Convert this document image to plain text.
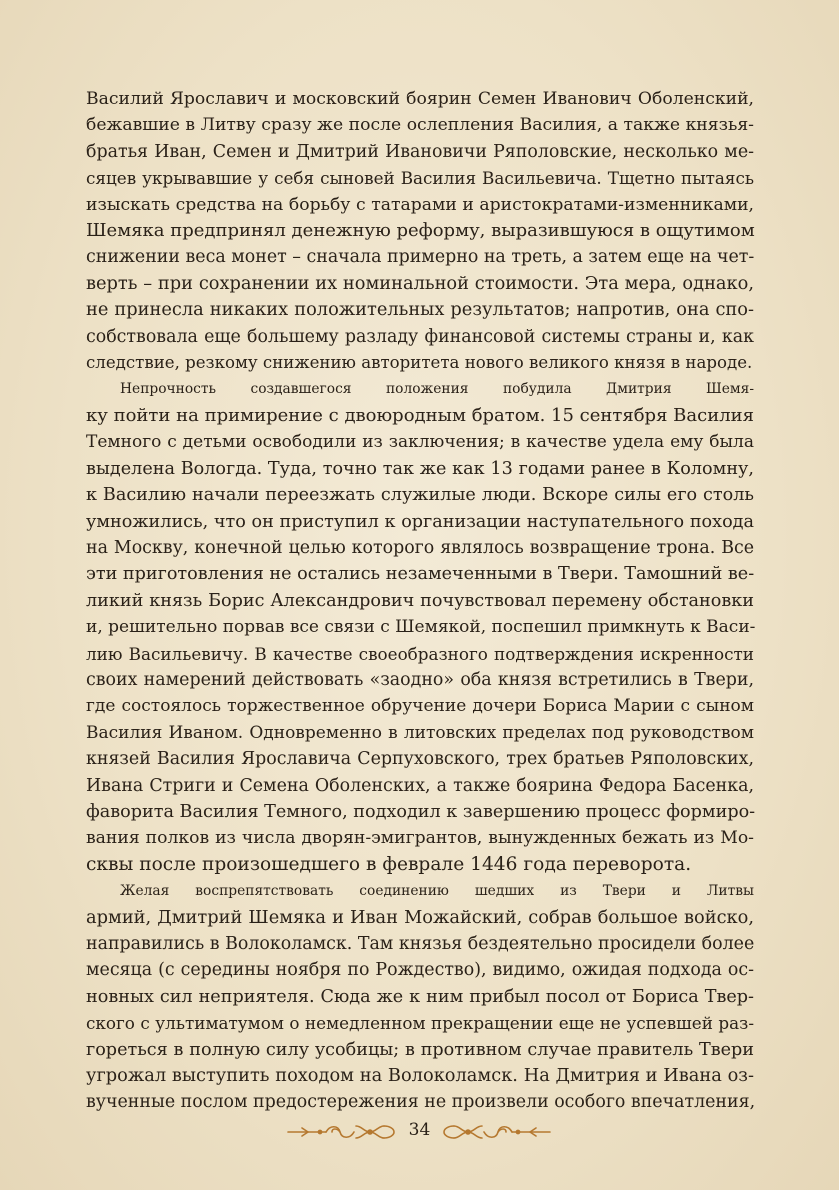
Василий Ярославич и московский боярин Семен Иванович Оболенский,
бежавшие в Литву сразу же после ослепления Василия, а также князья-
братья Иван, Семен и Дмитрий Ивановичи Ряполовские, несколько ме-
сяцев укрывавшие у себя сыновей Василия Васильевича. Тщетно пытаясь
изыскать средства на борьбу с татарами и аристократами-изменниками,
Шемяка предпринял денежную реформу, выразившуюся в ощутимом
снижении веса монет – сначала примерно на треть, а затем еще на чет-
верть – при сохранении их номинальной стоимости. Эта мера, однако,
не принесла никаких положительных результатов; напротив, она спо-
собствовала еще большему разладу финансовой системы страны и, как
следствие, резкому снижению авторитета нового великого князя в народе.
Непрочность создавшегося положения побудила Дмитрия Шемя-
ку пойти на примирение с двоюродным братом. 15 сентября Василия
Темного с детьми освободили из заключения; в качестве удела ему была
выделена Вологда. Туда, точно так же как 13 годами ранее в Коломну,
к Василию начали переезжать служилые люди. Вскоре силы его столь
умножились, что он приступил к организации наступательного похода
на Москву, конечной целью которого являлось возвращение трона. Все
эти приготовления не остались незамеченными в Твери. Тамошний ве-
ликий князь Борис Александрович почувствовал перемену обстановки
и, решительно порвав все связи с Шемякой, поспешил примкнуть к Васи-
лию Васильевичу. В качестве своеобразного подтверждения искренности
своих намерений действовать «заодно» оба князя встретились в Твери,
где состоялось торжественное обручение дочери Бориса Марии с сыном
Василия Иваном. Одновременно в литовских пределах под руководством
князей Василия Ярославича Серпуховского, трех братьев Ряполовских,
Ивана Стриги и Семена Оболенских, а также боярина Федора Басенка,
фаворита Василия Темного, подходил к завершению процесс формиро-
вания полков из числа дворян-эмигрантов, вынужденных бежать из Мо-
сквы после произошедшего в феврале 1446 года переворота.
Желая воспрепятствовать соединению шедших из Твери и Литвы
армий, Дмитрий Шемяка и Иван Можайский, собрав большое войско,
направились в Волоколамск. Там князья бездеятельно просидели более
месяца (с середины ноября по Рождество), видимо, ожидая подхода ос-
новных сил неприятеля. Сюда же к ним прибыл посол от Бориса Твер-
ского с ультиматумом о немедленном прекращении еще не успевшей раз-
гореться в полную силу усобицы; в противном случае правитель Твери
угрожал выступить походом на Волоколамск. На Дмитрия и Ивана оз-
вученные послом предостережения не произвели особого впечатления,
34
